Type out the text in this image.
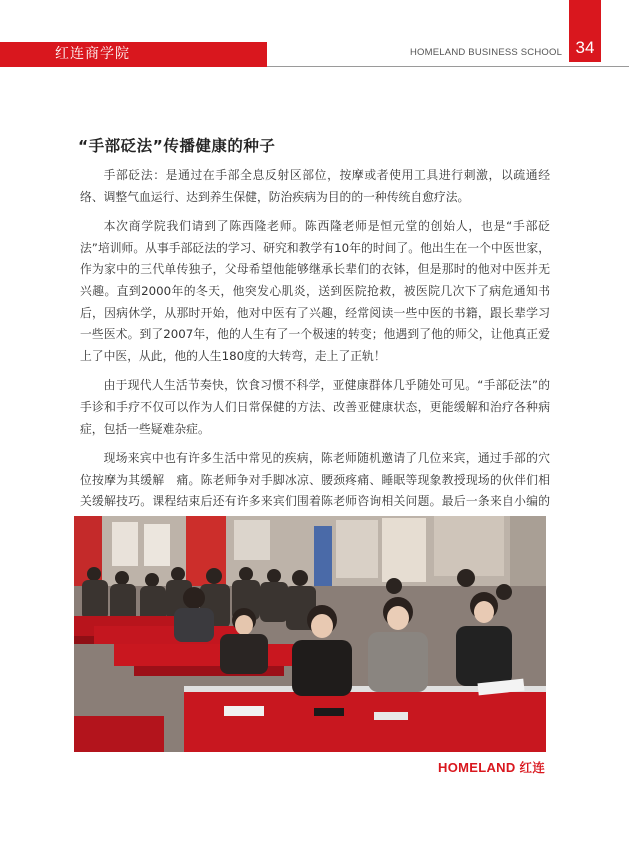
红连商学院	HOMELAND BUSINESS SCHOOL 34
“手部砭法”传播健康的种子

手部砭法：是通过在手部全息反射区部位，按摩或者使用工具进行刺激，以疏通经络、调整气血运行、达到养生保健，防治疾病为目的的一种传统自愈疗法。

本次商学院我们请到了陈西隆老师。陈西隆老师是恒元堂的创始人，也是“手部砭法”培训师。从事手部砭法的学习、研究和教学有10年的时间了。他出生在一个中医世家，作为家中的三代单传独子，父母希望他能够继承长辈们的衣钵，但是那时的他对中医并无兴趣。直到2000年的冬天，他突发心肌炎，送到医院抢救，被医院几次下了病危通知书后，因病休学，从那时开始，他对中医有了兴趣，经常阅读一些中医的书籍，跟长辈学习一些医术。到了2007年，他的人生有了一个极速的转变；他遇到了他的师父，让他真正爱上了中医，从此，他的人生180度的大转弯，走上了正轨！

由于现代人生活节奏快，饮食习惯不科学，亚健康群体几乎随处可见。“手部砭法”的手诊和手疗不仅可以作为人们日常保健的方法、改善亚健康状态，更能缓解和治疗各种病症，包括一些疑难杂症。

现场来宾中也有许多生活中常见的疾病，陈老师随机邀请了几位来宾，通过手部的穴位按摩为其缓解　痛。陈老师争对手脚冰凉、腰颈疼痛、睡眠等现象教授现场的伙伴们相关缓解技巧。课程结束后还有许多来宾们围着陈老师咨询相关问题。最后一条来自小编的

HOMELAND 红连
